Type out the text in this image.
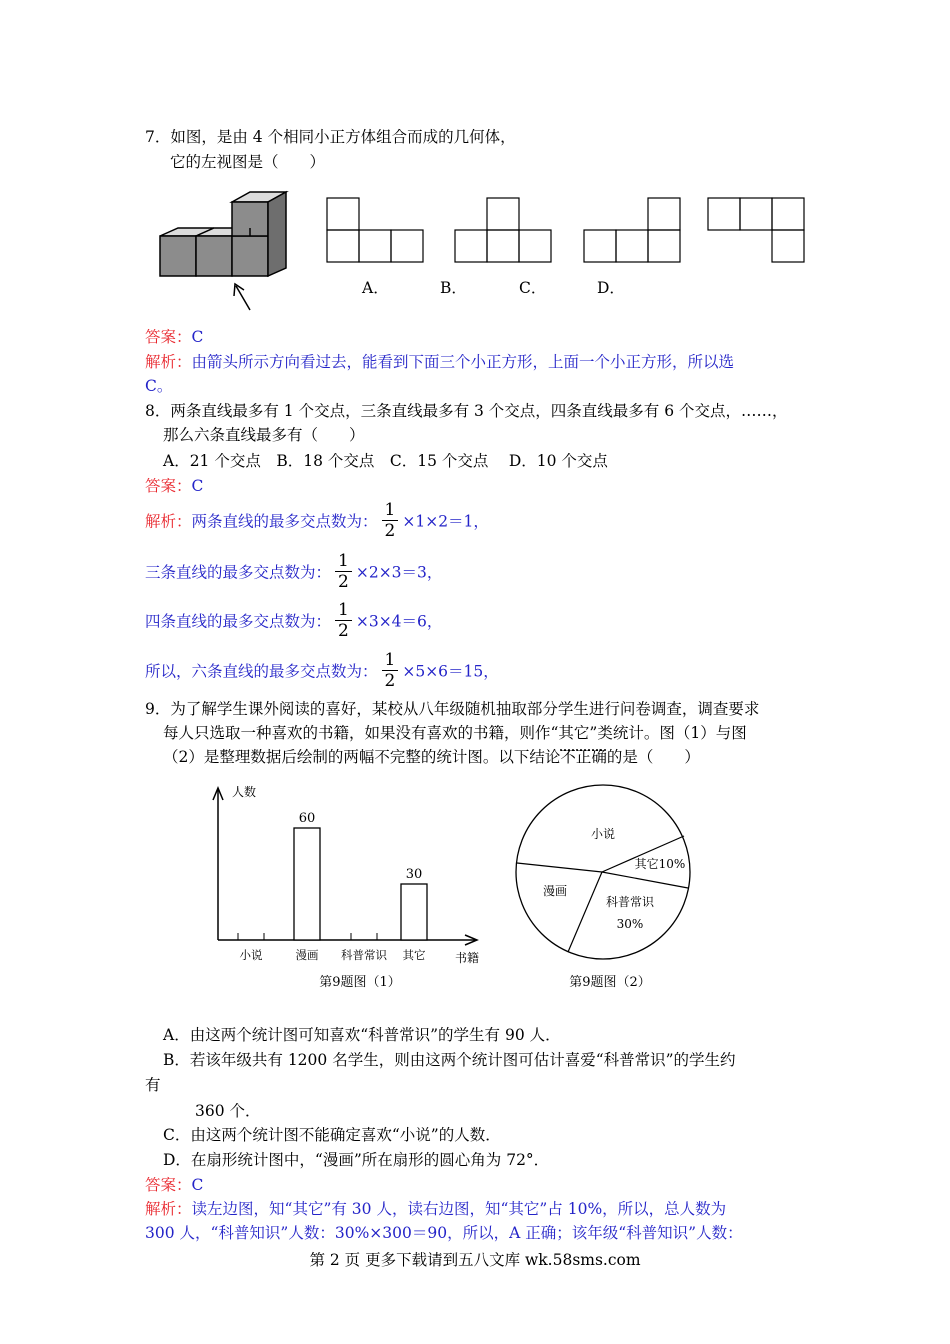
7．如图，是由 4 个相同小正方体组合而成的几何体，
它的左视图是（　　）
A．	B．	C．	D．
答案：C
解析：由箭头所示方向看过去，能看到下面三个小正方形，上面一个小正方形，所以选
C。
8．两条直线最多有 1 个交点，三条直线最多有 3 个交点，四条直线最多有 6 个交点，……，
那么六条直线最多有（　　）
A．21 个交点　B．18 个交点　C．15 个交点　 D．10 个交点
答案：C
解析：两条直线的最多交点数为： $\frac{1}{2} \times 1\times 2=1$，
三条直线的最多交点数为： $\frac{1}{2} \times 2\times 3=3$，
四条直线的最多交点数为： $\frac{1}{2} \times 3\times 4=6$，
所以，六条直线的最多交点数为： $\frac{1}{2} \times 5\times 6=15$，
9．为了解学生课外阅读的喜好，某校从八年级随机抽取部分学生进行问卷调查，调查要求
每人只选取一种喜欢的书籍，如果没有喜欢的书籍，则作“其它”类统计。图（1）与图
（2）是整理数据后绘制的两幅不完整的统计图。以下结论不正确的是（　　）
人数
书籍
小说
60
漫画 科普常识
30
其它
第9题图（1）
小说
其它10%
科普常识
30%
漫画
第9题图（2）
A．由这两个统计图可知喜欢“科普常识”的学生有 90 人．
B．若该年级共有 1200 名学生，则由这两个统计图可估计喜爱“科普常识”的学生约
有
360 个．
C．由这两个统计图不能确定喜欢“小说”的人数．
D．在扇形统计图中，“漫画”所在扇形的圆心角为 72°．
答案：C
解析：读左边图，知“其它”有 30 人，读右边图，知“其它”占 10%，所以，总人数为
300 人，“科普知识”人数：30%×300＝90，所以，A 正确；该年级“科普知识”人数：
第 2 页 更多下载请到五八文库 wk.58sms.com
